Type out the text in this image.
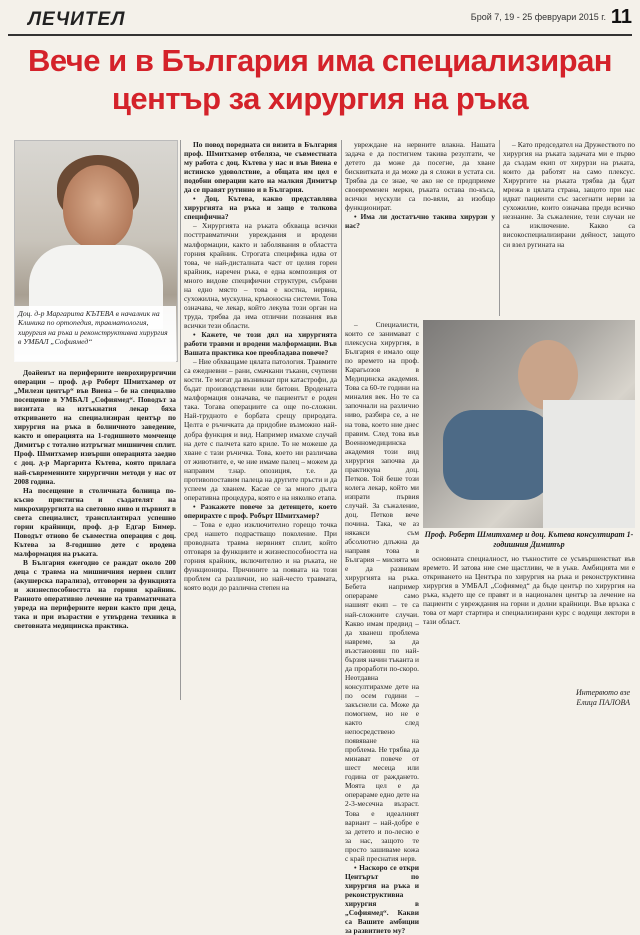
ЛЕЧИТЕЛ	Брой 7, 19 - 25 февруари 2015 г. 11
Вече и в България има специализиран
център за хирургия на ръка
Доц. д-р Маргарита КЪТЕВА в началник на Клиника по ортопедия, травматология, хирургия на ръка и реконструктивна хирургия в УМБАЛ „Софиямед“

Доайенът на периферните неврохирургични операции – проф. д-р Роберт Шмитхамер от „Милези център“ във Виена – бе на специално посещение в УМБАЛ „Софиямед“. Поводът за визитата на изтъкнатия лекар бяха откриването на специализиран център по хирургия на ръка в болничното заведение, както и операцията на 1-годишното момченце Димитър с тотално изтръгнат мишничен сплит. Проф. Шмитхамер извърши операцията заедно с доц. д-р Маргарита Кътева, която прилага най-съвременните хирургични методи у нас от 2008 година.

На посещение в столичната болница по-късно пристигна и създателят на микрохирургията на световно ниво и първият в света специалист, трансплантирал успешно горни крайници, проф. д-р Едгар Бимер. Поводът отново бе съвместна операция с доц. Кътева за 8-годишно дете с вродена малформация на ръката.

В България ежегодно се раждат около 200 деца с травма на мишничния нервен сплит (акушерска парализа), отговорен за функцията и жизнеспособността на горния крайник. Ранното оперативно лечение на травматичната увреда на периферните нерви както при деца, така и при възрастни е утвърдена техника в световната медицинска практика.

По повод поредната си визита в България проф. Шмитхамер отбеляза, че съвместната му работа с доц. Кътева у нас и във Виена е истинско удоволствие, а общата им цел е подобни операции като на малкия Димитър да се правят рутинно и в България.

• Доц. Кътева, какво представлява хирургията на ръка и защо е толкова специфична?

– Хирургията на ръката обхваща всички посттравматични увреждания и вродени малформации, както и заболявания в областта горния крайник. Строгата специфика идва от това, че най-дисталната част от целия горен крайник, наречен ръка, е една композиция от много видове специфични структури, събрани на едно място – това е костна, нервна, сухожилна, мускулна, кръвоносна системи. Това означава, че лекар, който лекува този орган на труда, трябва да има отлични познания във всички тези области.

• Кажете, че този дял на хирургията работи травми и вродени малформации. Във Вашата практика кое преобладава повече?

– Ние обхващаме цялата патология. Травмите са ежедневни – рани, смачкани тъкани, счупени кости. Те могат да възникнат при катастрофи, да бъдат производствени или битови. Вродената малформация означава, че пациентът е роден така. Тогава операциите са още по-сложни. Най-трудното е борбата срещу природата. Целта е ръчичката да придобие възможно най-добра функция и вид. Например имахме случай на дете с палчета като криле. То не можеше да хване с тази ръчичка. Това, което ни различава от животните, е, че ние имаме палец – можем да направим т.нар. опозиция, т.е. да противопоставим палеца на другите пръсти и да успеем да хванем. Касае се за много дълга оперативна процедура, която е на няколко етапа.

• Разкажете повече за детенцето, което оперирахте с проф. Робърт Шмитхамер?

– Това е едно изключително горещо точка сред нашето подрастващо поколение. При проводната травма нервният сплит, който отговаря за функциите и жизнеспособността на горния крайник, включително и на ръката, не функционира. Причините за появата на този проблем са различни, но най-често травмата, която води до различна степен на

увреждане на нервните влакна. Нашата задача е да постигнем такива резултати, че детето да може да посегне, да хване бисквитката и да може да я сложи в устата си. Трябва да се знае, че ако не се предприеме своевременен мерки, ръката остава по-къса, всички мускули са по-вяли, аз изобщо функционират.

• Има ли достатъчно такива хирурзи у нас?

– Специалисти, които се занимават с плексусна хирургия, в България е имало още по времето на проф. Карагьозов в Медицинска академия. Това са 60-те години на миналия век. Но те са започнали на различно ниво, разбира се, а не на това, което ние днес правим. След това във Военномедицинска академия този вид хирургия започва да практикува доц. Петков. Той беше този колега лекар, който ми изпрати първия случай. За съжаление, доц. Петков вече почина. Така, че аз някакси съм абсолютно длъжна да направя това в България – мисията ми е да развивам хирургията на ръка. Бебета например операраме само нашият екип – те са най-сложните случаи. Какво имам предвид – да хванеш проблема навреме, за да възстановиш по най-бързия начин тъканта и да проработи по-скоро. Неотдавна консултирахме дете на по осем години – закъснели са. Може да помогнем, но не е както след непосредствено появяване на проблема. Не трябва да минават повече от шест месеца или година от раждането. Моята цел е да операраме едно дете на 2-3-месечна възраст. Това е идеалният вариант – най-добре е за детето и по-лесно е за нас, защото те просто зашиваме кожа с край преснатия нерв.

• Наскоро се откри Центърът по хирургия на ръка и реконструктивна хирургия в „Софиямед“. Какви са Вашите амбиции за развитието му?

– Като председател на Дружеството по хирургия на ръката задачата ми е първо да създам екип от хирурзи на ръката, които да работят на само плексус. Хирургите на ръката трябва да бдат мрежа в цялата страна, защото при нас идват пациенти със засегнати нерви за сухожилие, които означава преди всичко незнание. За съжаление, тези случаи не са изключение. Какво са високоспециализирани дейност, защото си взел ругината на

Проф. Роберт Шмитхамер и доц. Кътева консултират 1-годишния Димитър

основната специалност, но тъкностите се усъвършенстват във времето. И затова ние сме щастливи, че в уъкв. Амбицията ми е откриването на Центъра по хирургия на ръка и реконструктивна хирургия в УМБАЛ „Софиямед“ да бъде център по хирургия на ръка, където ще се правят и в национален център за лечение на пациенти с увреждания на горни и долни крайници. Във връзка с това от март стартира и специализирани курс с водещи лектори в тази област.

Интервюто взе
Елица ПАЛОВА
